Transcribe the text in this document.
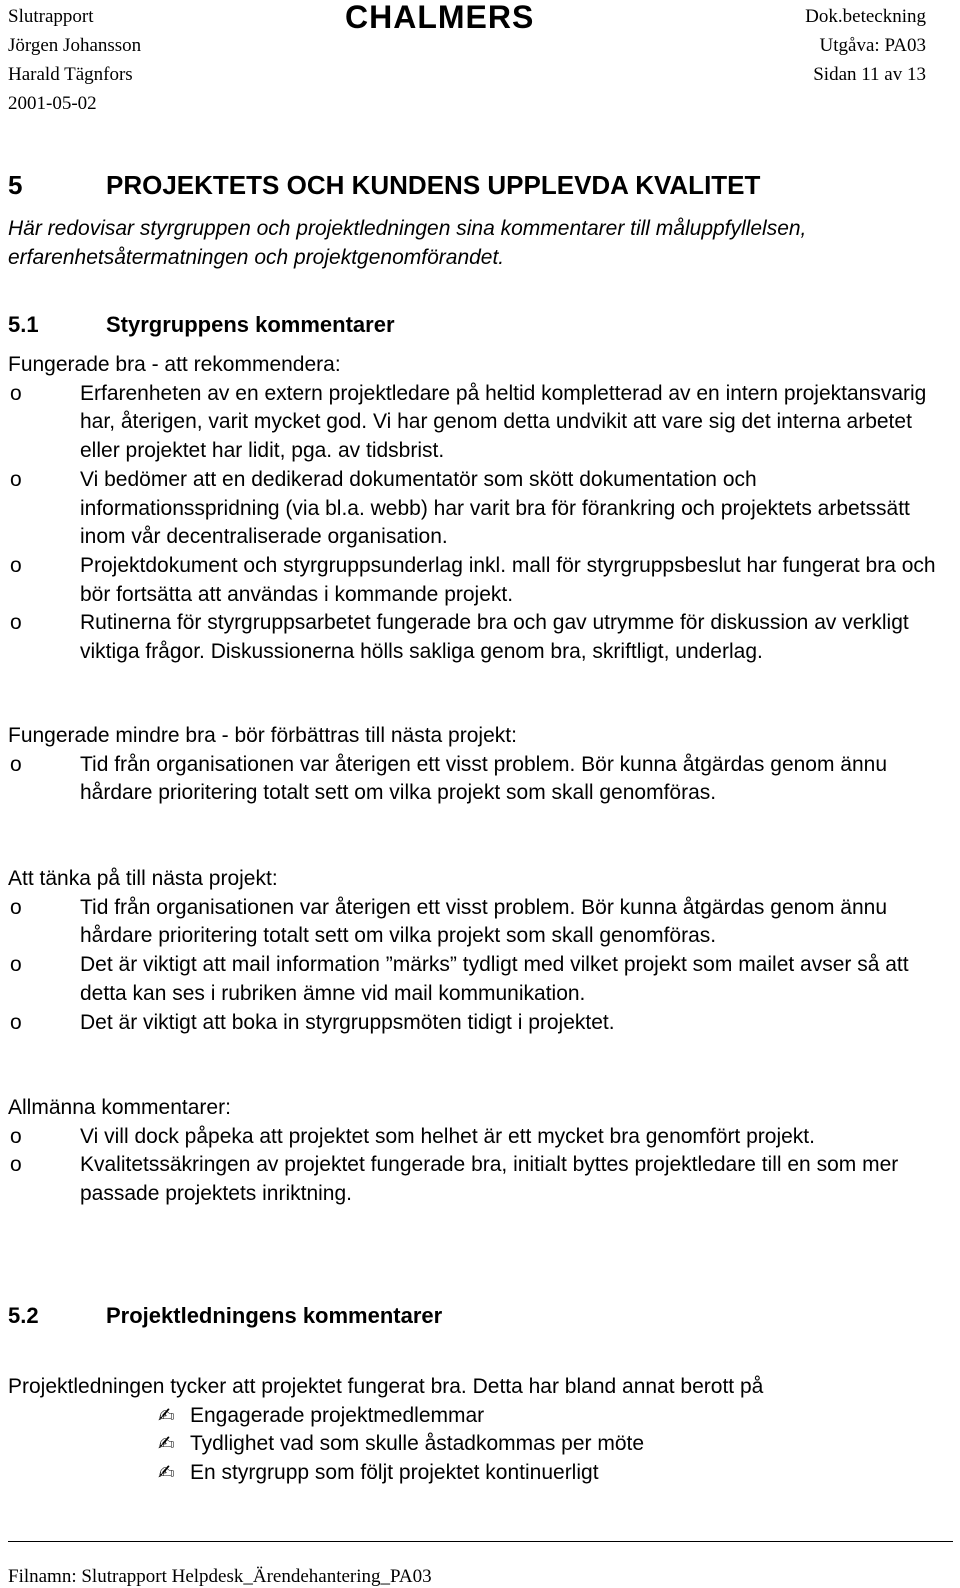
Slutrapport
Jörgen Johansson
Harald Tägnfors
2001-05-02
CHALMERS	Dok.beteckning
Utgåva: PA03
Sidan 11 av 13
5	PROJEKTETS OCH KUNDENS UPPLEVDA KVALITET
Här redovisar styrgruppen och projektledningen sina kommentarer till måluppfyllelsen, erfarenhetsåtermatningen och projektgenomförandet.
5.1	Styrgruppens kommentarer
Fungerade bra - att rekommendera:
o	Erfarenheten av en extern projektledare på heltid kompletterad av en intern projektansvarig har, återigen, varit mycket god. Vi har genom detta undvikit att vare sig det interna arbetet eller projektet har lidit, pga. av tidsbrist.
o	Vi bedömer att en dedikerad dokumentatör som skött dokumentation och informationsspridning (via bl.a. webb) har varit bra för förankring och projektets arbetssätt inom vår decentraliserade organisation.
o	Projektdokument och styrgruppsunderlag inkl. mall för styrgruppsbeslut har fungerat bra och bör fortsätta att användas i kommande projekt.
o	Rutinerna för styrgruppsarbetet fungerade bra och gav utrymme för diskussion av verkligt viktiga frågor. Diskussionerna hölls sakliga genom bra, skriftligt, underlag.
Fungerade mindre bra - bör förbättras till nästa projekt:
o	Tid från organisationen var återigen ett visst problem. Bör kunna åtgärdas genom ännu hårdare prioritering totalt sett om vilka projekt som skall genomföras.
Att tänka på till nästa projekt:
o	Tid från organisationen var återigen ett visst problem. Bör kunna åtgärdas genom ännu hårdare prioritering totalt sett om vilka projekt som skall genomföras.
o	Det är viktigt att mail information ”märks” tydligt med vilket projekt som mailet avser så att detta kan ses i rubriken ämne vid mail kommunikation.
o	Det är viktigt att boka in styrgruppsmöten tidigt i projektet.
Allmänna kommentarer:
o	Vi vill dock påpeka att projektet som helhet är ett mycket bra genomfört projekt.
o	Kvalitetssäkringen av projektet fungerade bra, initialt byttes projektledare till en som mer passade projektets inriktning.
5.2	Projektledningens kommentarer
Projektledningen tycker att projektet fungerat bra. Detta har bland annat berott på
✍ Engagerade projektmedlemmar
✍ Tydlighet vad som skulle åstadkommas per möte
✍ En styrgrupp som följt projektet kontinuerligt
Filnamn: Slutrapport Helpdesk_Ärendehantering_PA03
